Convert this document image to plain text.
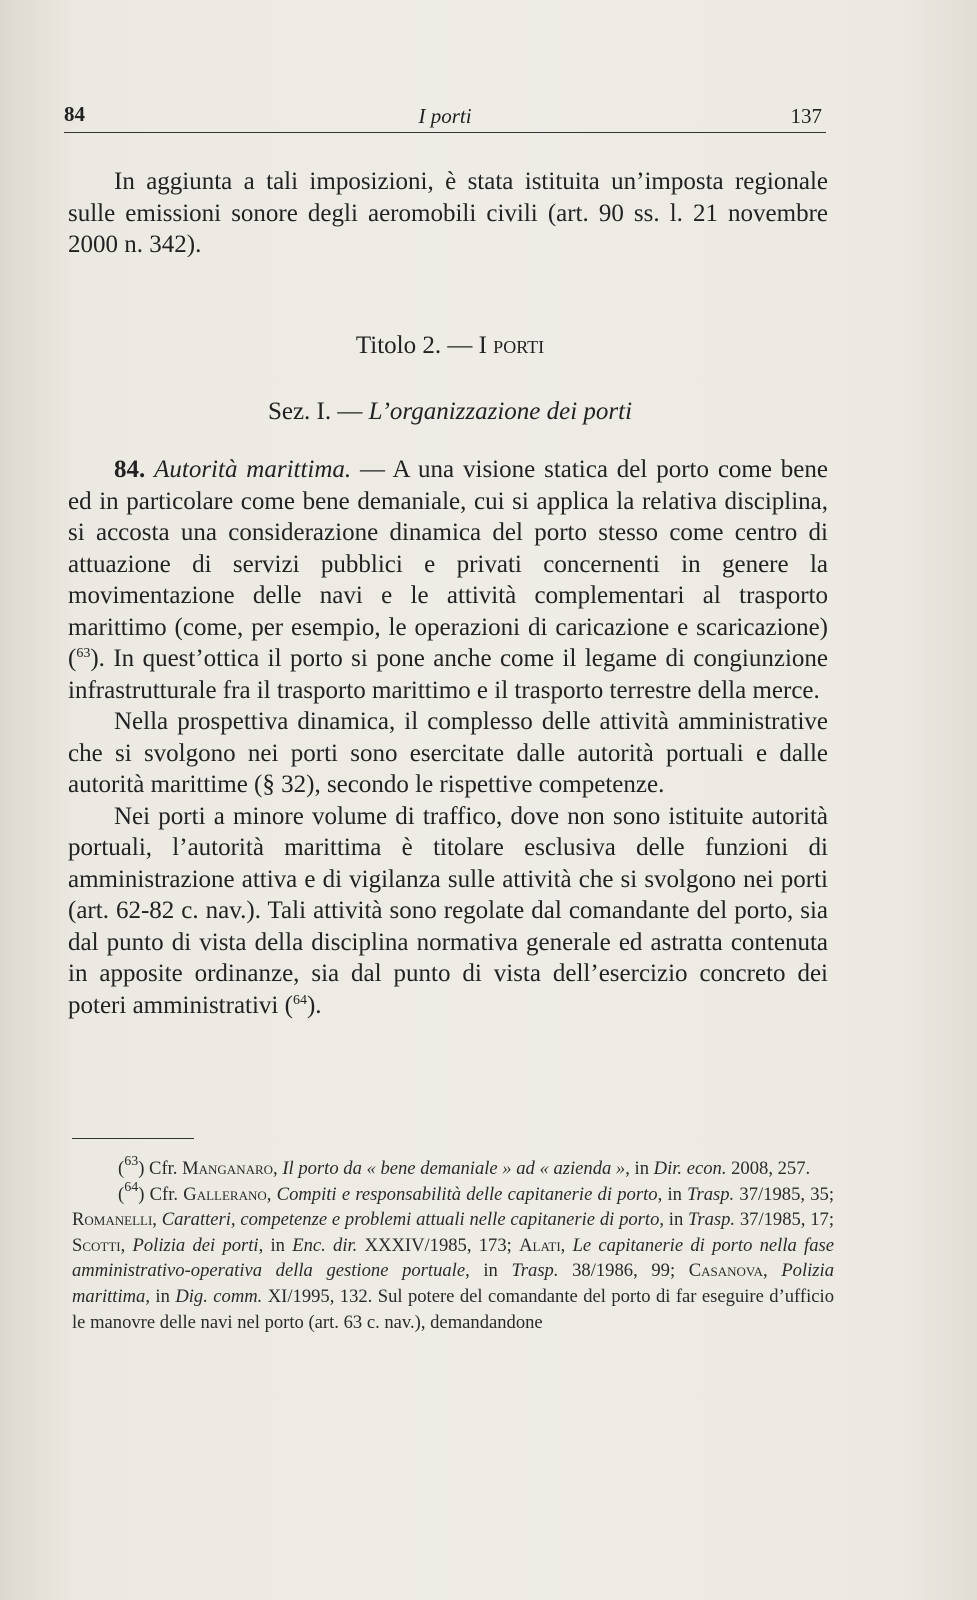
84	I porti	137

In aggiunta a tali imposizioni, è stata istituita un’imposta regionale sulle emissioni sonore degli aeromobili civili (art. 90 ss. l. 21 novembre 2000 n. 342).

Titolo 2. — I porti
Sez. I. — L’organizzazione dei porti

84. Autorità marittima. — A una visione statica del porto come bene ed in particolare come bene demaniale, cui si applica la relativa disciplina, si accosta una considerazione dinamica del porto stesso come centro di attuazione di servizi pubblici e privati concernenti in genere la movimentazione delle navi e le attività complementari al trasporto marittimo (come, per esempio, le operazioni di caricazione e scaricazione) ($^{63}$). In quest’ottica il porto si pone anche come il legame di congiunzione infrastrutturale fra il trasporto marittimo e il trasporto terrestre della merce.

Nella prospettiva dinamica, il complesso delle attività amministrative che si svolgono nei porti sono esercitate dalle autorità portuali e dalle autorità marittime (§ 32), secondo le rispettive competenze.

Nei porti a minore volume di traffico, dove non sono istituite autorità portuali, l’autorità marittima è titolare esclusiva delle funzioni di amministrazione attiva e di vigilanza sulle attività che si svolgono nei porti (art. 62-82 c. nav.). Tali attività sono regolate dal comandante del porto, sia dal punto di vista della disciplina normativa generale ed astratta contenuta in apposite ordinanze, sia dal punto di vista dell’esercizio concreto dei poteri amministrativi ($^{64}$).

($^{63}$) Cfr. Manganaro, Il porto da « bene demaniale » ad « azienda », in Dir. econ. 2008, 257.

($^{64}$) Cfr. Gallerano, Compiti e responsabilità delle capitanerie di porto, in Trasp. 37/1985, 35; Romanelli, Caratteri, competenze e problemi attuali nelle capitanerie di porto, in Trasp. 37/1985, 17; Scotti, Polizia dei porti, in Enc. dir. XXXIV/1985, 173; Alati, Le capitanerie di porto nella fase amministrativo-operativa della gestione portuale, in Trasp. 38/1986, 99; Casanova, Polizia marittima, in Dig. comm. XI/1995, 132. Sul potere del comandante del porto di far eseguire d’ufficio le manovre delle navi nel porto (art. 63 c. nav.), demandandone
